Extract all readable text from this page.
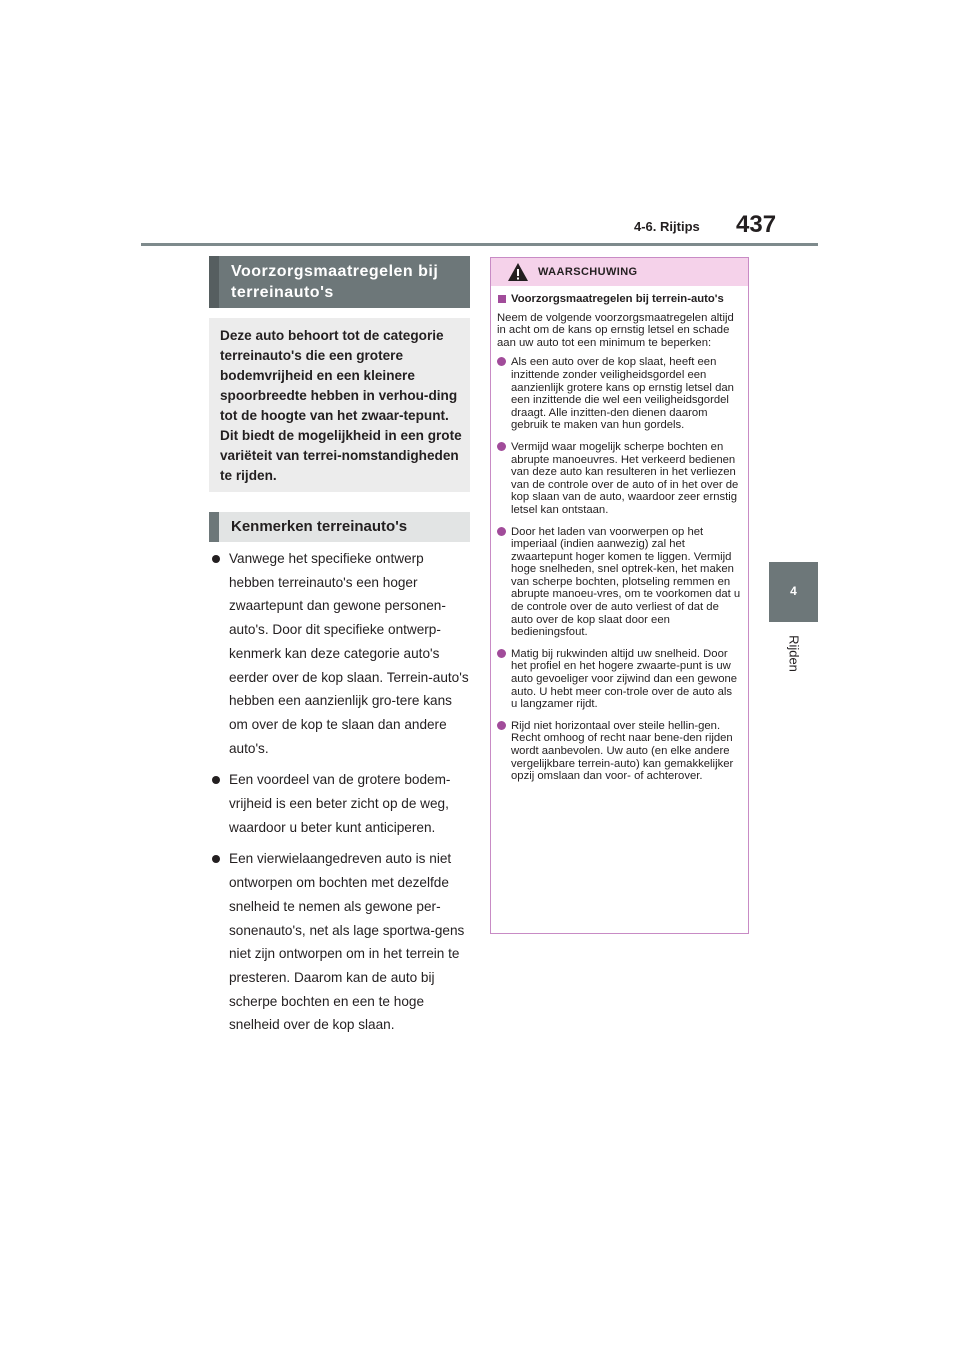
4-6. Rijtips 437
4
Rijden
Voorzorgsmaatregelen bij terreinauto's

Deze auto behoort tot de categorie terreinauto's die een grotere bodemvrijheid en een kleinere spoorbreedte hebben in verhou-ding tot de hoogte van het zwaar-tepunt. Dit biedt de mogelijkheid in een grote variëteit van terrei-nomstandigheden te rijden.

Kenmerken terreinauto's
Vanwege het specifieke ontwerp hebben terreinauto's een hoger zwaartepunt dan gewone personen-auto's. Door dit specifieke ontwerp-kenmerk kan deze categorie auto's eerder over de kop slaan. Terrein-auto's hebben een aanzienlijk gro-tere kans om over de kop te slaan dan andere auto's.
Een voordeel van de grotere bodem-vrijheid is een beter zicht op de weg, waardoor u beter kunt anticiperen.
Een vierwielaangedreven auto is niet ontworpen om bochten met dezelfde snelheid te nemen als gewone per-sonenauto's, net als lage sportwa-gens niet zijn ontworpen om in het terrein te presteren. Daarom kan de auto bij scherpe bochten en een te hoge snelheid over de kop slaan.
WAARSCHUWING
Voorzorgsmaatregelen bij terrein-auto's
Neem de volgende voorzorgsmaatregelen altijd in acht om de kans op ernstig letsel en schade aan uw auto tot een minimum te beperken:
Als een auto over de kop slaat, heeft een inzittende zonder veiligheidsgordel een aanzienlijk grotere kans op ernstig letsel dan een inzittende die wel een veiligheidsgordel draagt. Alle inzitten-den dienen daarom gebruik te maken van hun gordels.
Vermijd waar mogelijk scherpe bochten en abrupte manoeuvres. Het verkeerd bedienen van deze auto kan resulteren in het verliezen van de controle over de auto of in het over de kop slaan van de auto, waardoor zeer ernstig letsel kan ontstaan.
Door het laden van voorwerpen op het imperiaal (indien aanwezig) zal het zwaartepunt hoger komen te liggen. Vermijd hoge snelheden, snel optrek-ken, het maken van scherpe bochten, plotseling remmen en abrupte manoeu-vres, om te voorkomen dat u de controle over de auto verliest of dat de auto over de kop slaat door een bedieningsfout.
Matig bij rukwinden altijd uw snelheid. Door het profiel en het hogere zwaarte-punt is uw auto gevoeliger voor zijwind dan een gewone auto. U hebt meer con-trole over de auto als u langzamer rijdt.
Rijd niet horizontaal over steile hellin-gen. Recht omhoog of recht naar bene-den rijden wordt aanbevolen. Uw auto (en elke andere vergelijkbare terrein-auto) kan gemakkelijker opzij omslaan dan voor- of achterover.
